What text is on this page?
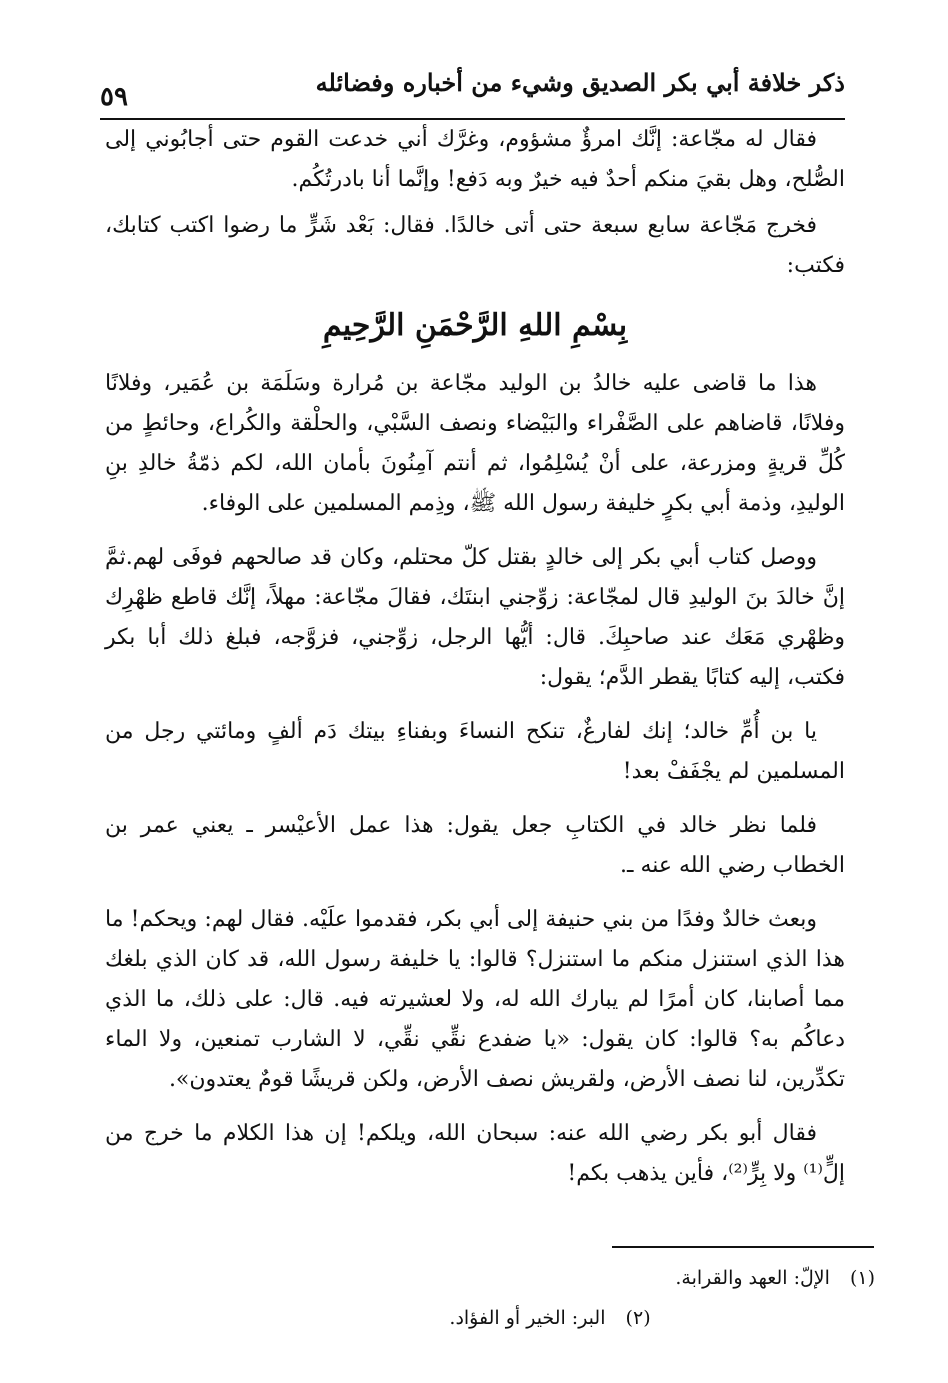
ذكر خلافة أبي بكر الصديق وشيء من أخباره وفضائله
٥٩

فقال له مجّاعة: إنَّك امرؤٌ مشؤوم، وغرَّك أني خدعت القوم حتى أجابُوني إلى الصُّلح، وهل بقيَ منكم أحدٌ فيه خيرٌ وبه دَفع! وإنَّما أنا بادرتُكُم.

فخرج مَجّاعة سابع سبعة حتى أتى خالدًا. فقال: بَعْد شَرٍّ ما رضوا اكتب كتابك، فكتب:

بِسْمِ اللهِ الرَّحْمَنِ الرَّحِيمِ

هذا ما قاضى عليه خالدُ بن الوليد مجّاعة بن مُرارة وسَلَمَة بن عُمَير، وفلانًا وفلانًا، قاضاهم على الصَّفْراء والبَيْضاء ونصف السَّبْي، والحلْقة والكُراع، وحائطٍ من كُلِّ قريةٍ ومزرعة، على أنْ يُسْلِمُوا، ثم أنتم آمِنُونَ بأمان الله، لكم ذمّةُ خالدِ بنِ الوليدِ، وذمة أبي بكرٍ خليفة رسول الله ﷺ، وذِمم المسلمين على الوفاء.

ووصل كتاب أبي بكر إلى خالدٍ بقتل كلّ محتلم، وكان قد صالحهم فوفَى لهم.ثمَّ إنَّ خالدَ بنَ الوليدِ قال لمجّاعة: زوِّجني ابنتَك، فقالَ مجّاعة: مهلاً، إنَّك قاطع ظهْرِك وظهْري مَعَك عند صاحبِكَ. قال: أيُّها الرجل، زوِّجني، فزوَّجه، فبلغ ذلك أبا بكر فكتب، إليه كتابًا يقطر الدَّم؛ يقول:

يا بن أُمِّ خالد؛ إنك لفارغٌ، تنكح النساءَ وبفناءِ بيتك دَم ألفٍ ومائتي رجل من المسلمين لم يجْفَفْ بعد!

فلما نظر خالد في الكتابِ جعل يقول: هذا عمل الأعيْسر ـ يعني عمر بن الخطاب رضي الله عنه ـ.

وبعث خالدٌ وفدًا من بني حنيفة إلى أبي بكر، فقدموا علَيْه. فقال لهم: ويحكم! ما هذا الذي استنزل منكم ما استنزل؟ قالوا: يا خليفة رسول الله، قد كان الذي بلغك مما أصابنا، كان أمرًا لم يبارك الله له، ولا لعشيرته فيه. قال: على ذلك، ما الذي دعاكُم به؟ قالوا: كان يقول: «يا ضفدع نقِّي نقِّي، لا الشارب تمنعين، ولا الماء تكدِّرين، لنا نصف الأرض، ولقريش نصف الأرض، ولكن قريشًا قومٌ يعتدون».

فقال أبو بكر رضي الله عنه: سبحان الله، ويلكم! إن هذا الكلام ما خرج من إلٍّ⁽¹⁾ ولا بِرٍّ⁽²⁾، فأين يذهب بكم!

(١) الإلّ: العهد والقرابة.
(٢) البر: الخير أو الفؤاد.
